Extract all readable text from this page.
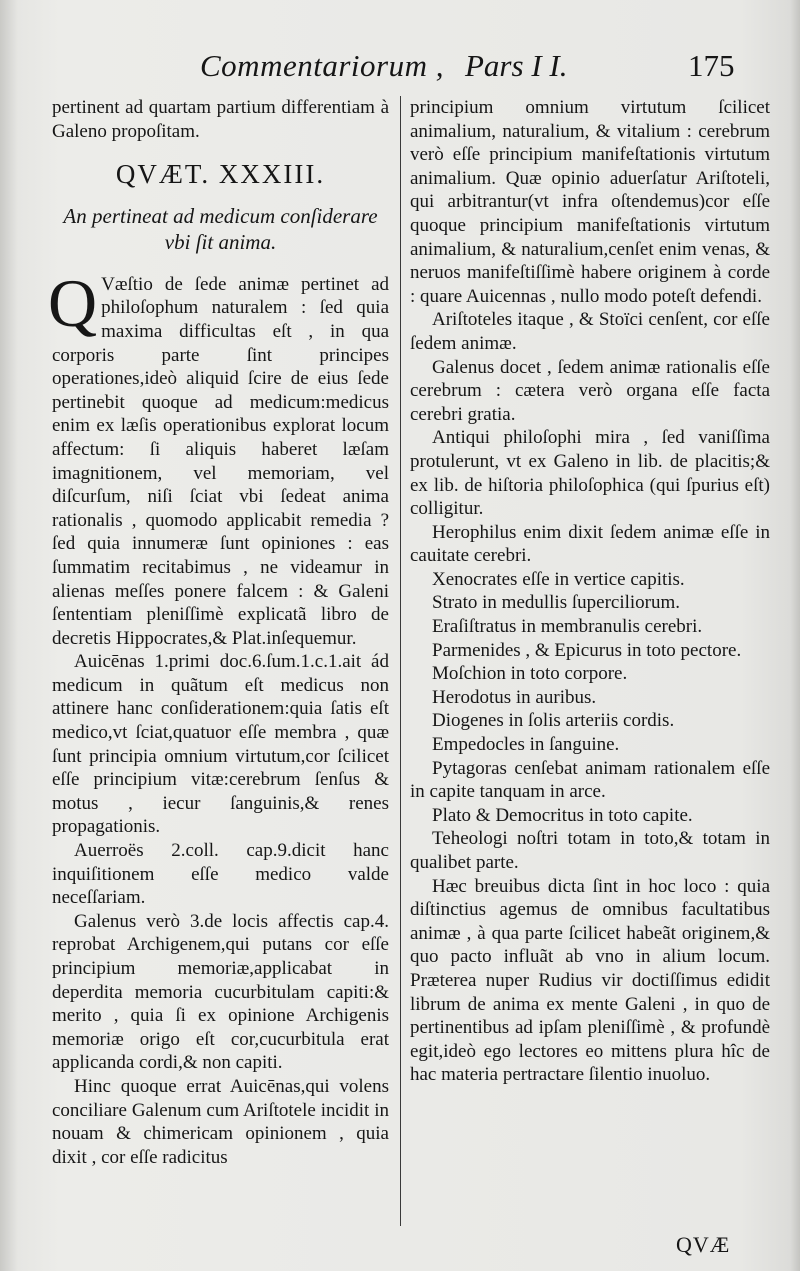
Commentariorum , Pars I I.	175

pertinent ad quartam partium differentiam à Galeno propoſitam.

QVÆT. XXXIII.
An pertineat ad medicum conſiderare vbi ſit anima.

Q Væſtio de ſede animæ pertinet ad philoſophum naturalem : ſed quia maxima difficultas eſt , in qua corporis parte ſint principes operationes,ideò aliquid ſcire de eius ſede pertinebit quoque ad medicum:medicus enim ex læſis operationibus explorat locum affectum: ſi aliquis haberet læſam imagnitionem, vel memoriam, vel diſcurſum, niſi ſciat vbi ſedeat anima rationalis , quomodo applicabit remedia ? ſed quia innumeræ ſunt opiniones : eas ſummatim recitabimus , ne videamur in alienas meſſes ponere falcem : & Galeni ſententiam pleniſſimè explicatã libro de decretis Hippocrates,& Plat.inſequemur.

Auicēnas 1.primi doc.6.ſum.1.c.1.ait ád medicum in quãtum eſt medicus non attinere hanc conſiderationem:quia ſatis eſt medico,vt ſciat,quatuor eſſe membra , quæ ſunt principia omnium virtutum,cor ſcilicet eſſe principium vitæ:cerebrum ſenſus & motus , iecur ſanguinis,& renes propagationis.

Auerroës 2.coll. cap.9.dicit hanc inquiſitionem eſſe medico valde neceſſariam.

Galenus verò 3.de locis affectis cap.4. reprobat Archigenem,qui putans cor eſſe principium memoriæ,applicabat in deperdita memoria cucurbitulam capiti:& merito , quia ſi ex opinione Archigenis memoriæ origo eſt cor,cucurbitula erat applicanda cordi,& non capiti.

Hinc quoque errat Auicēnas,qui volens conciliare Galenum cum Ariſtotele incidit in nouam & chimericam opinionem , quia dixit , cor eſſe radicitus

principium omnium virtutum ſcilicet animalium, naturalium, & vitalium : cerebrum verò eſſe principium manifeſtationis virtutum animalium. Quæ opinio aduerſatur Ariſtoteli, qui arbitrantur(vt infra oſtendemus)cor eſſe quoque principium manifeſtationis virtutum animalium, & naturalium,cenſet enim venas, & neruos manifeſtiſſimè habere originem à corde : quare Auicennas , nullo modo poteſt defendi.

Ariſtoteles itaque , & Stoïci cenſent, cor eſſe ſedem animæ.

Galenus docet , ſedem animæ rationalis eſſe cerebrum : cætera verò organa eſſe facta cerebri gratia.

Antiqui philoſophi mira , ſed vaniſſima protulerunt, vt ex Galeno in lib. de placitis;& ex lib. de hiſtoria philoſophica (qui ſpurius eſt) colligitur.

Herophilus enim dixit ſedem animæ eſſe in cauitate cerebri.

Xenocrates eſſe in vertice capitis.

Strato in medullis ſuperciliorum.

Eraſiſtratus in membranulis cerebri.

Parmenides , & Epicurus in toto pectore.

Moſchion in toto corpore.

Herodotus in auribus.

Diogenes in ſolis arteriis cordis.

Empedocles in ſanguine.

Pytagoras cenſebat animam rationalem eſſe in capite tanquam in arce.

Plato & Democritus in toto capite.

Teheologi noſtri totam in toto,& totam in qualibet parte.

Hæc breuibus dicta ſint in hoc loco : quia diſtinctius agemus de omnibus facultatibus animæ , à qua parte ſcilicet habeãt originem,& quo pacto influãt ab vno in alium locum. Præterea nuper Rudius vir doctiſſimus edidit librum de anima ex mente Galeni , in quo de pertinentibus ad ipſam pleniſſimè , & profundè egit,ideò ego lectores eo mittens plura hîc de hac materia pertractare ſilentio inuoluo.

QVÆ
